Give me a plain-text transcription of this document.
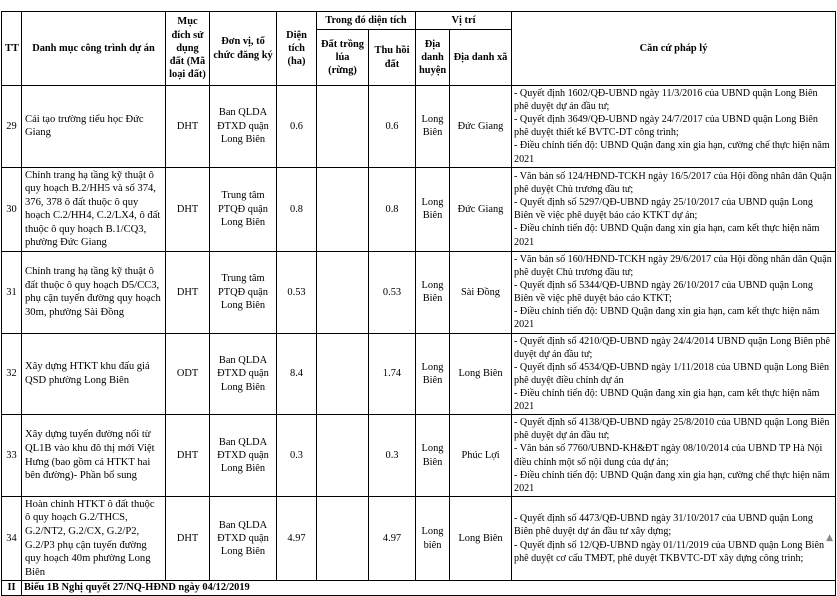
TT	Danh mục công trình dự án	Mục đích sử dụng đất (Mã loại đất)	Đơn vị, tổ chức đăng ký	Diện tích (ha)	Trong đó diện tích		Vị trí		Căn cứ pháp lý
					Đất trồng lúa (rừng)	Thu hồi đất	Địa danh huyện	Địa danh xã	
29	Cải tạo trường tiểu học Đức Giang	DHT	Ban QLDA ĐTXD quận Long Biên	0.6		0.6	Long Biên	Đức Giang	- Quyết định 1602/QĐ-UBND ngày 11/3/2016 của UBND quận Long Biên phê duyệt dự án đầu tư;
- Quyết định 3649/QĐ-UBND ngày 24/7/2017 của UBND quận Long Biên phê duyệt thiết kế BVTC-DT công trình;
- Điều chỉnh tiến độ: UBND Quận đang xin gia hạn, cường chế thực hiện năm 2021

30	Chỉnh trang hạ tầng kỹ thuật ô quy hoạch B.2/HH5 và số 374, 376, 378 ô đất thuộc ô quy hoạch C.2/HH4, C.2/LX4, ô đất thuộc ô quy hoạch B.1/CQ3, phường Đức Giang	DHT	Trung tâm PTQĐ quận Long Biên	0.8		0.8	Long Biên	Đức Giang	- Văn bản số 124/HĐND-TCKH ngày 16/5/2017 của Hội đồng nhân dân Quận phê duyệt Chủ trương đầu tư;
- Quyết định số 5297/QĐ-UBND ngày 25/10/2017 của UBND quận Long Biên về việc phê duyệt báo cáo KTKT dự án;
- Điều chỉnh tiến độ: UBND Quận đang xin gia hạn, cam kết thực hiện năm 2021

31	Chỉnh trang hạ tầng kỹ thuật ô đất thuộc ô quy hoạch D5/CC3, phụ cận tuyến đường quy hoạch 30m, phường Sài Đồng	DHT	Trung tâm PTQĐ quận Long Biên	0.53		0.53	Long Biên	Sài Đồng	- Văn bản số 160/HĐND-TCKH ngày 29/6/2017 của Hội đồng nhân dân Quận phê duyệt Chủ trương đầu tư;
- Quyết định số 5344/QĐ-UBND ngày 26/10/2017 của UBND quận Long Biên về việc phê duyệt báo cáo KTKT;
- Điều chỉnh tiến độ: UBND Quận đang xin gia hạn, cam kết thực hiện năm 2021

32	Xây dựng HTKT khu đấu giá QSD phường Long Biên	ODT	Ban QLDA ĐTXD quận Long Biên	8.4		1.74	Long Biên	Long Biên	- Quyết định số 4210/QĐ-UBND ngày 24/4/2014 UBND quận Long Biên phê duyệt dự án đầu tư;
- Quyết định số 4534/QĐ-UBND ngày 1/11/2018 của UBND quận Long Biên phê duyệt điều chỉnh dự án
- Điều chỉnh tiến độ: UBND Quận đang xin gia hạn, cam kết thực hiện năm 2021

33	Xây dựng tuyến đường nối từ QL1B vào khu đô thị mới Việt Hưng (bao gồm cả HTKT hai bên đường)- Phần bổ sung	DHT	Ban QLDA ĐTXD quận Long Biên	0.3		0.3	Long Biên	Phúc Lợi	- Quyết định số 4138/QĐ-UBND ngày 25/8/2010 của UBND quận Long Biên phê duyệt dự án đầu tư;
- Văn bản số 7760/UBND-KH&ĐT ngày 08/10/2014 của UBND TP Hà Nội điều chỉnh một số nội dung của dự án;
- Điều chỉnh tiến độ: UBND Quận đang xin gia hạn, cường chế thực hiện năm 2021

34	Hoàn chỉnh HTKT ô đất thuộc ô quy hoạch G.2/THCS, G.2/NT2, G.2/CX, G.2/P2, G.2/P3 phụ cận tuyến đường quy hoạch 40m phường Long Biên	DHT	Ban QLDA ĐTXD quận Long Biên	4.97		4.97	Long biên	Long Biên	- Quyết định số 4473/QĐ-UBND ngày 31/10/2017 của UBND quận Long Biên phê duyệt dự án đầu tư xây dựng;
- Quyết định số 12/QĐ-UBND ngày 01/11/2019 của UBND quận Long Biên phê duyệt cơ cấu TMĐT, phê duyệt TKBVTC-DT xây dựng công trình;

II	Biểu 1B Nghị quyết 27/NQ-HĐND ngày 04/12/2019								
▲
